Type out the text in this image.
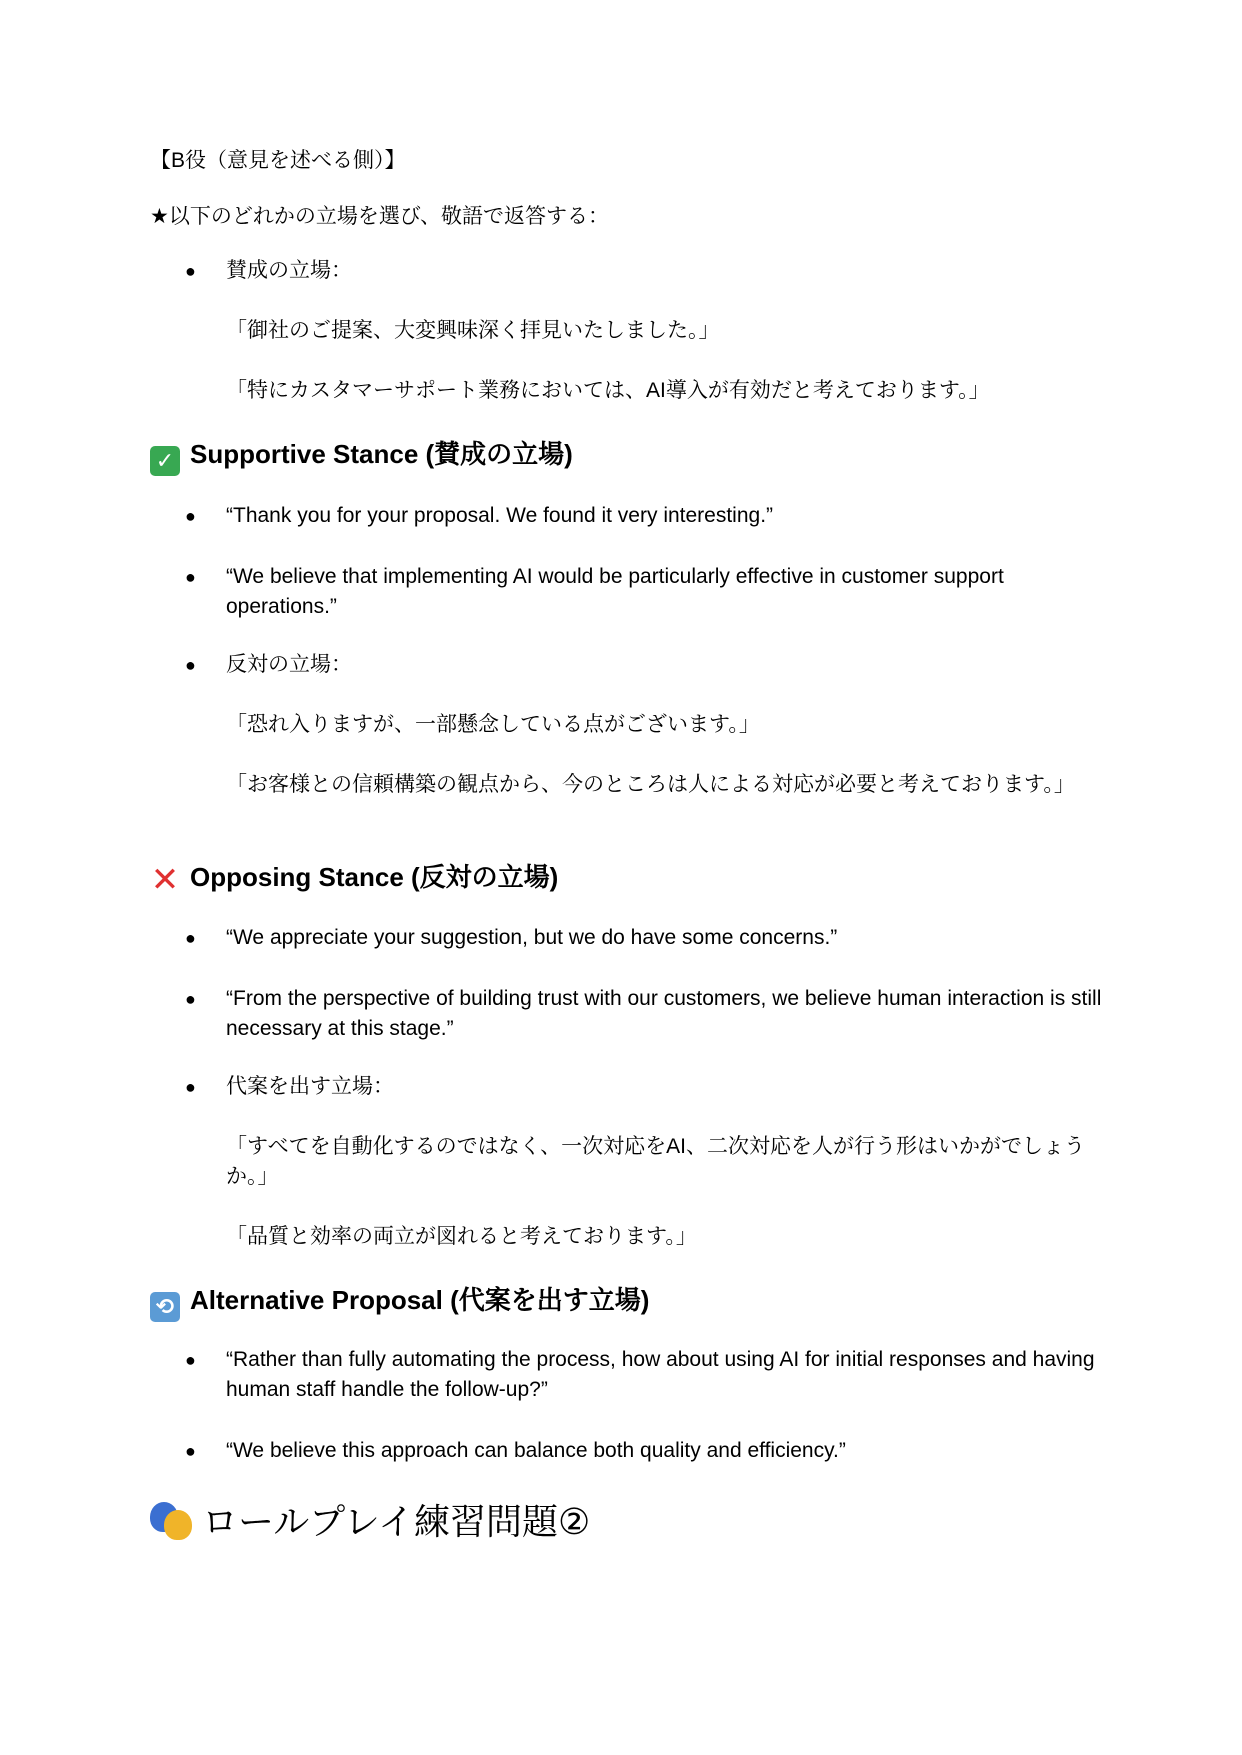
【B役（意見を述べる側）】
★以下のどれかの立場を選び、敬語で返答する：
●	賛成の立場：
「御社のご提案、大変興味深く拝見いたしました。」
「特にカスタマーサポート業務においては、AI導入が有効だと考えております。」
✓ Supportive Stance (賛成の立場)
●	“Thank you for your proposal. We found it very interesting.”
●	“We believe that implementing AI would be particularly effective in customer support operations.”
●	反対の立場：
「恐れ入りますが、一部懸念している点がございます。」
「お客様との信頼構築の観点から、今のところは人による対応が必要と考えております。」
✕ Opposing Stance (反対の立場)
●	“We appreciate your suggestion, but we do have some concerns.”
●	“From the perspective of building trust with our customers, we believe human interaction is still necessary at this stage.”
●	代案を出す立場：
「すべてを自動化するのではなく、一次対応をAI、二次対応を人が行う形はいかがでしょうか。」
「品質と効率の両立が図れると考えております。」
⟲ Alternative Proposal (代案を出す立場)
●	“Rather than fully automating the process, how about using AI for initial responses and having human staff handle the follow-up?”
●	“We believe this approach can balance both quality and efficiency.”
ロールプレイ練習問題②
